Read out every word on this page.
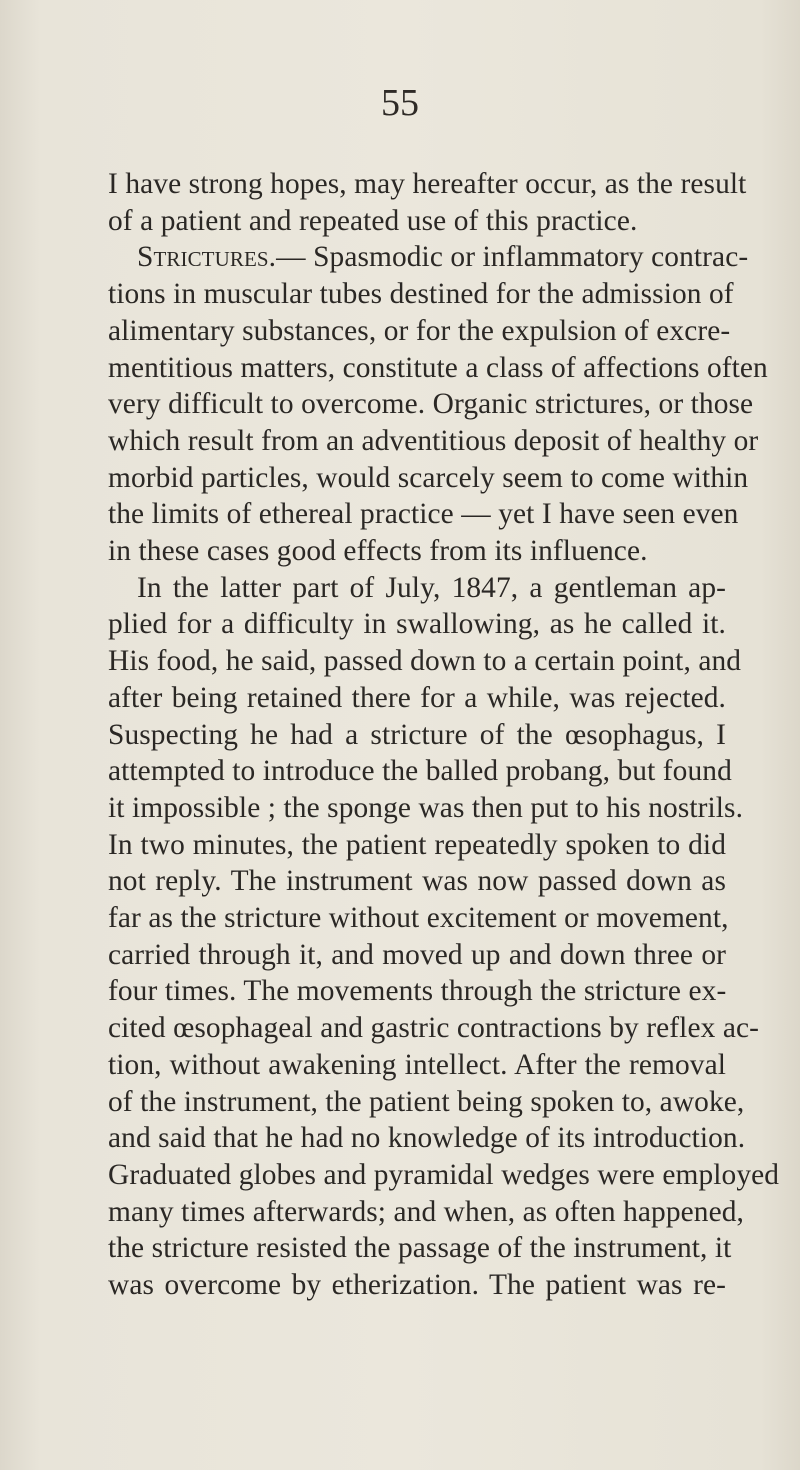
55
I have strong hopes, may hereafter occur, as the result
of a patient and repeated use of this practice.
Strictures.— Spasmodic or inflammatory contrac-
tions in muscular tubes destined for the admission of
alimentary substances, or for the expulsion of excre-
mentitious matters, constitute a class of affections often
very difficult to overcome. Organic strictures, or those
which result from an adventitious deposit of healthy or
morbid particles, would scarcely seem to come within
the limits of ethereal practice — yet I have seen even
in these cases good effects from its influence.
In the latter part of July, 1847, a gentleman ap-
plied for a difficulty in swallowing, as he called it.
His food, he said, passed down to a certain point, and
after being retained there for a while, was rejected.
Suspecting he had a stricture of the œsophagus, I
attempted to introduce the balled probang, but found
it impossible ; the sponge was then put to his nostrils.
In two minutes, the patient repeatedly spoken to did
not reply. The instrument was now passed down as
far as the stricture without excitement or movement,
carried through it, and moved up and down three or
four times. The movements through the stricture ex-
cited œsophageal and gastric contractions by reflex ac-
tion, without awakening intellect. After the removal
of the instrument, the patient being spoken to, awoke,
and said that he had no knowledge of its introduction.
Graduated globes and pyramidal wedges were employed
many times afterwards; and when, as often happened,
the stricture resisted the passage of the instrument, it
was overcome by etherization. The patient was re-
